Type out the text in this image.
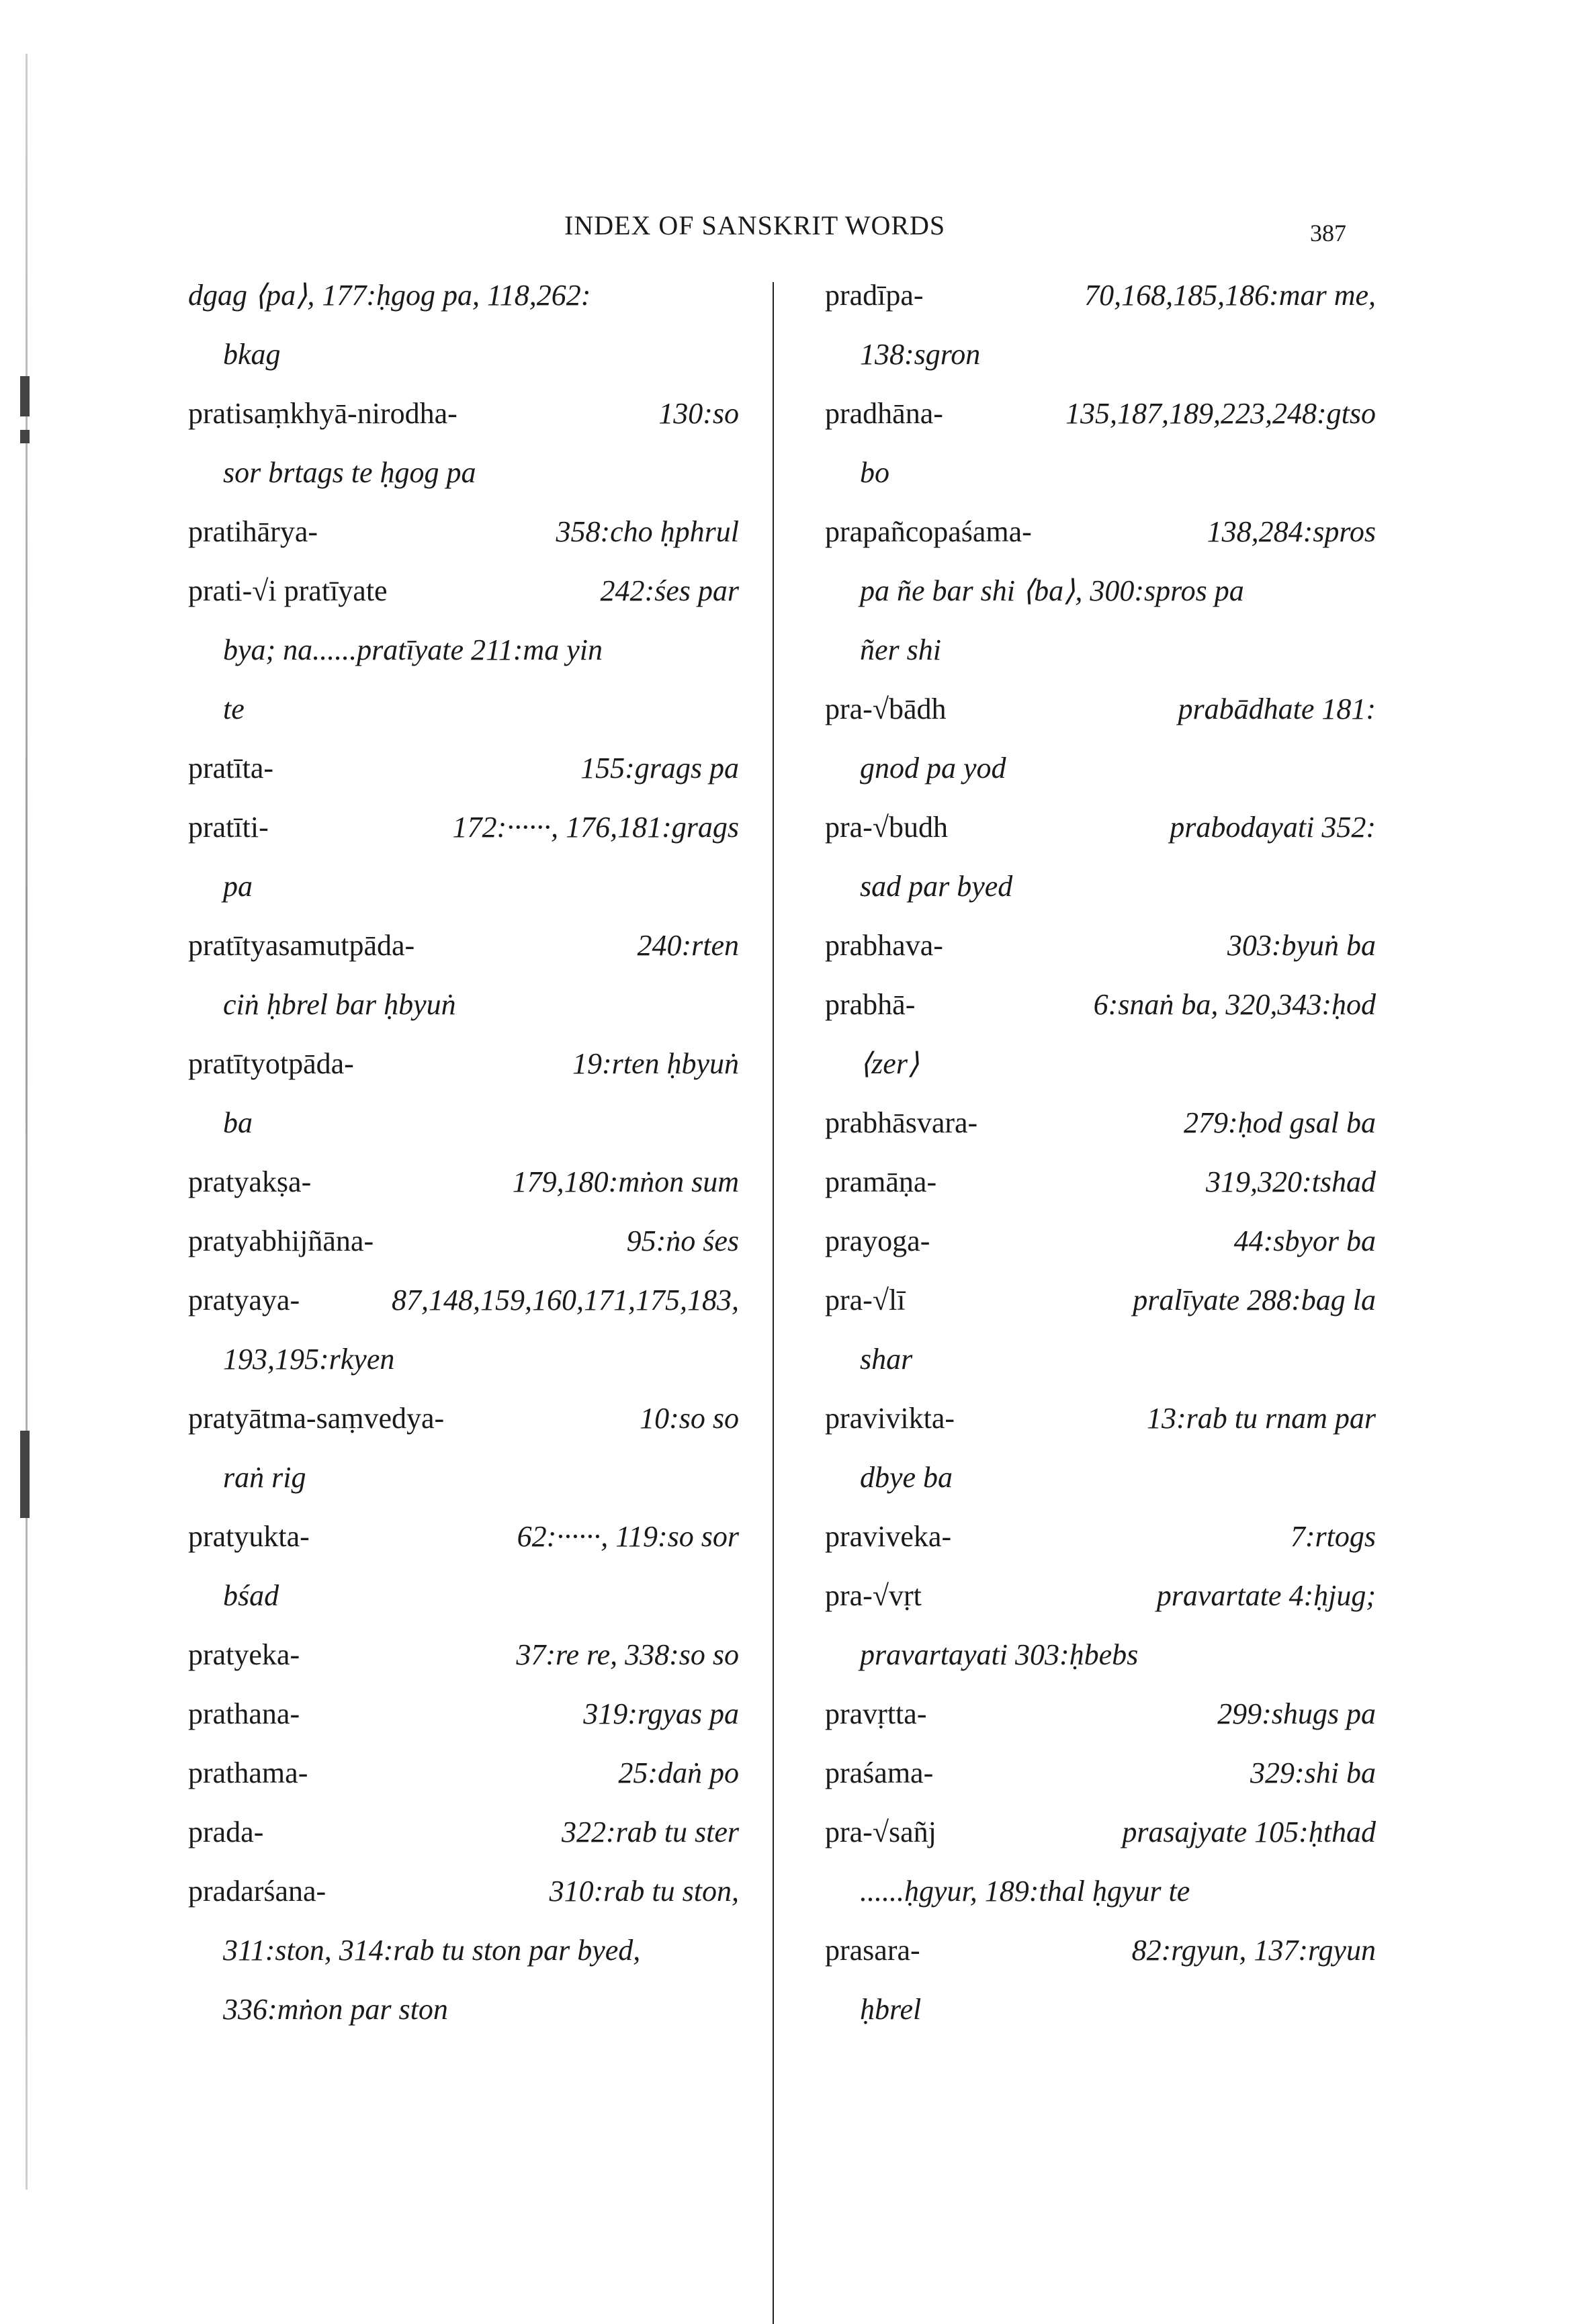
INDEX OF SANSKRIT WORDS	387
dgag ⟨pa⟩, 177:ḥgog pa, 118,262:
bkag
pratisaṃkhyā-nirodha-	130:so
sor brtags te ḥgog pa
pratihārya-	358:cho ḥphrul
prati-√i pratīyate	242:śes par
bya; na......pratīyate 211:ma yin
te
pratīta-	155:grags pa
pratīti-	172:······, 176,181:grags
pa
pratītyasamutpāda-	240:rten
ciṅ ḥbrel bar ḥbyuṅ
pratītyotpāda-	19:rten ḥbyuṅ
ba
pratyakṣa-	179,180:mṅon sum
pratyabhijñāna-	95:ṅo śes
pratyaya-	87,148,159,160,171,175,183,
193,195:rkyen
pratyātma-saṃvedya-	10:so so
raṅ rig
pratyukta-	62:······, 119:so sor
bśad
pratyeka-	37:re re, 338:so so
prathana-	319:rgyas pa
prathama-	25:daṅ po
prada-	322:rab tu ster
pradarśana-	310:rab tu ston,
311:ston, 314:rab tu ston par byed,
336:mṅon par ston
pradīpa-	70,168,185,186:mar me,
138:sgron
pradhāna-	135,187,189,223,248:gtso
bo
prapañcopaśama-	138,284:spros
pa ñe bar shi ⟨ba⟩, 300:spros pa
ñer shi
pra-√bādh	prabādhate 181:
gnod pa yod
pra-√budh	prabodayati 352:
sad par byed
prabhava-	303:byuṅ ba
prabhā-	6:snaṅ ba, 320,343:ḥod
⟨zer⟩
prabhāsvara-	279:ḥod gsal ba
pramāṇa-	319,320:tshad
prayoga-	44:sbyor ba
pra-√lī	pralīyate 288:bag la
shar
pravivikta-	13:rab tu rnam par
dbye ba
praviveka-	7:rtogs
pra-√vṛt	pravartate 4:ḥjug;
pravartayati 303:ḥbebs
pravṛtta-	299:shugs pa
praśama-	329:shi ba
pra-√sañj	prasajyate 105:ḥthad
......ḥgyur, 189:thal ḥgyur te
prasara-	82:rgyun, 137:rgyun
ḥbrel
